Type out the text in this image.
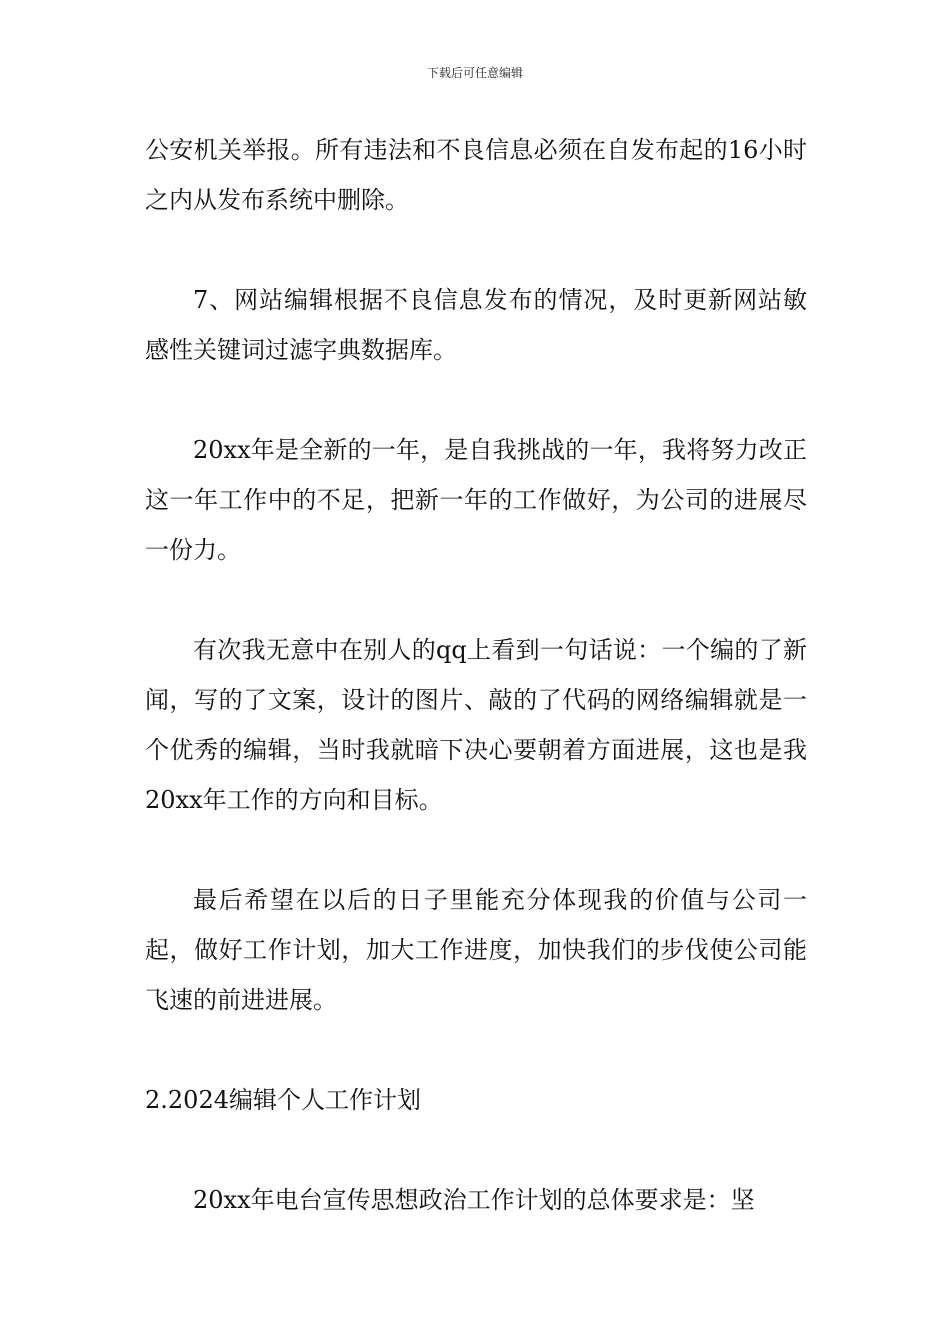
下载后可任意编辑

公安机关举报。所有违法和不良信息必须在自发布起的16小时之内从发布系统中删除。

7、网站编辑根据不良信息发布的情况，及时更新网站敏感性关键词过滤字典数据库。

20xx年是全新的一年，是自我挑战的一年，我将努力改正这一年工作中的不足，把新一年的工作做好，为公司的进展尽一份力。

有次我无意中在别人的qq上看到一句话说：一个编的了新闻，写的了文案，设计的图片、敲的了代码的网络编辑就是一个优秀的编辑，当时我就暗下决心要朝着方面进展，这也是我20xx年工作的方向和目标。

最后希望在以后的日子里能充分体现我的价值与公司一起，做好工作计划，加大工作进度，加快我们的步伐使公司能飞速的前进进展。

2.2024编辑个人工作计划

20xx年电台宣传思想政治工作计划的总体要求是：坚
